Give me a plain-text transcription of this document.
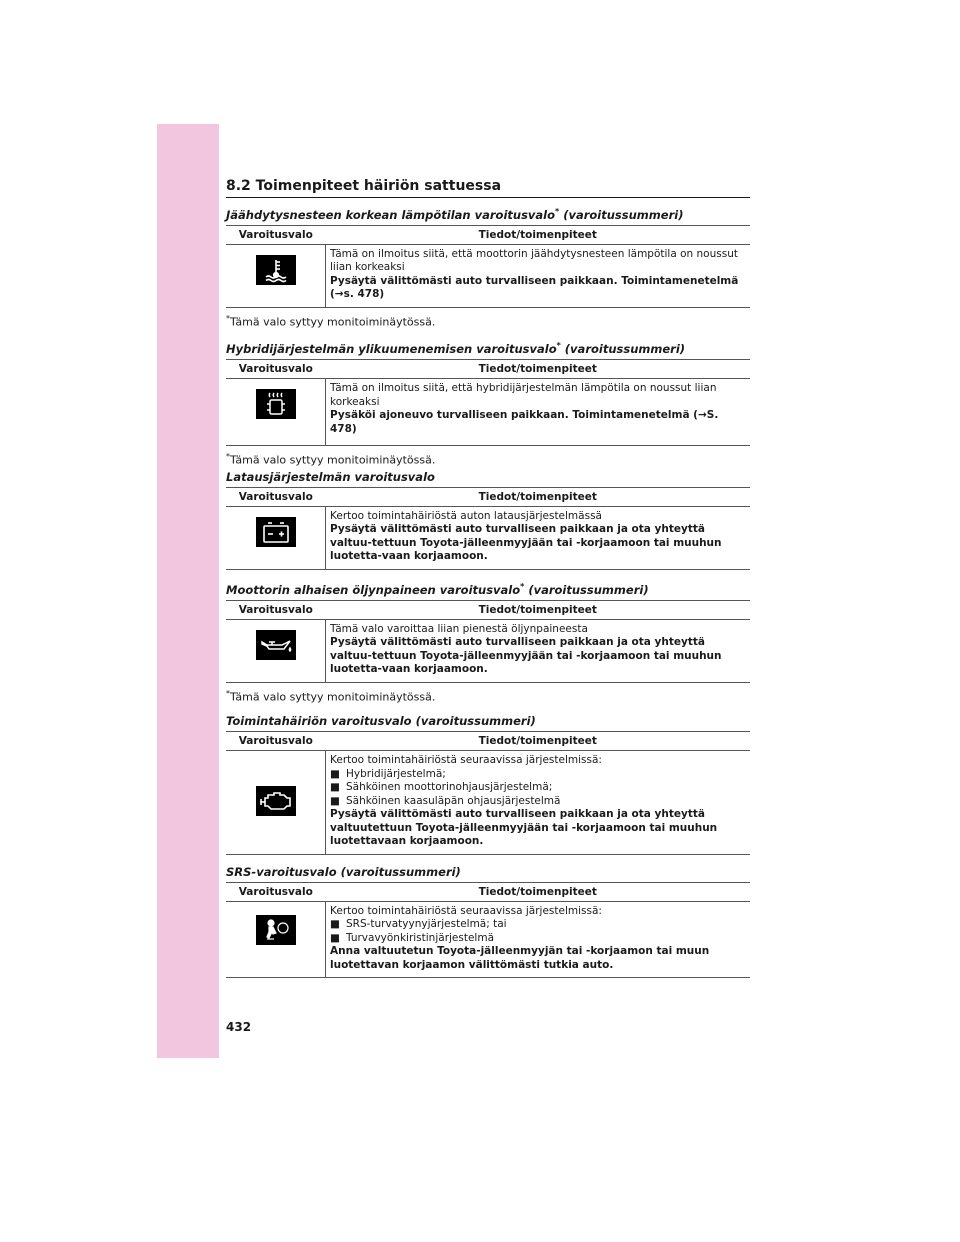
8.2 Toimenpiteet häiriön sattuessa
Jäähdytysnesteen korkean lämpötilan varoitusvalo* (varoitussummeri)
Varoitusvalo	Tiedot/toimenpiteet

Tämä on ilmoitus siitä, että moottorin jäähdytysnesteen lämpötila on noussut liian korkeaksi
Pysäytä välittömästi auto turvalliseen paikkaan. Toimintamenetelmä (→s. 478)
*Tämä valo syttyy monitoiminäytössä.
Hybridijärjestelmän ylikuumenemisen varoitusvalo* (varoitussummeri)
Varoitusvalo	Tiedot/toimenpiteet

Tämä on ilmoitus siitä, että hybridijärjestelmän lämpötila on noussut liian korkeaksi
Pysäköi ajoneuvo turvalliseen paikkaan. Toimintamenetelmä (→S. 478)
*Tämä valo syttyy monitoiminäytössä.
Latausjärjestelmän varoitusvalo
Varoitusvalo	Tiedot/toimenpiteet

Kertoo toimintahäiriöstä auton latausjärjestelmässä
Pysäytä välittömästi auto turvalliseen paikkaan ja ota yhteyttä valtuu-tettuun Toyota-jälleenmyyjään tai -korjaamoon tai muuhun luotetta-vaan korjaamoon.
Moottorin alhaisen öljynpaineen varoitusvalo* (varoitussummeri)
Varoitusvalo	Tiedot/toimenpiteet

Tämä valo varoittaa liian pienestä öljynpaineesta
Pysäytä välittömästi auto turvalliseen paikkaan ja ota yhteyttä valtuu-tettuun Toyota-jälleenmyyjään tai -korjaamoon tai muuhun luotetta-vaan korjaamoon.
*Tämä valo syttyy monitoiminäytössä.
Toimintahäiriön varoitusvalo (varoitussummeri)
Varoitusvalo	Tiedot/toimenpiteet

Kertoo toimintahäiriöstä seuraavissa järjestelmissä:
■ Hybridijärjestelmä;
■ Sähköinen moottorinohjausjärjestelmä;
■ Sähköinen kaasuläpän ohjausjärjestelmä
Pysäytä välittömästi auto turvalliseen paikkaan ja ota yhteyttä valtuutettuun Toyota-jälleenmyyjään tai -korjaamoon tai muuhun luotettavaan korjaamoon.
SRS-varoitusvalo (varoitussummeri)
Varoitusvalo	Tiedot/toimenpiteet

Kertoo toimintahäiriöstä seuraavissa järjestelmissä:
■ SRS-turvatyynyjärjestelmä; tai
■ Turvavyönkiristinjärjestelmä
Anna valtuutetun Toyota-jälleenmyyjän tai -korjaamon tai muun luotettavan korjaamon välittömästi tutkia auto.
432
